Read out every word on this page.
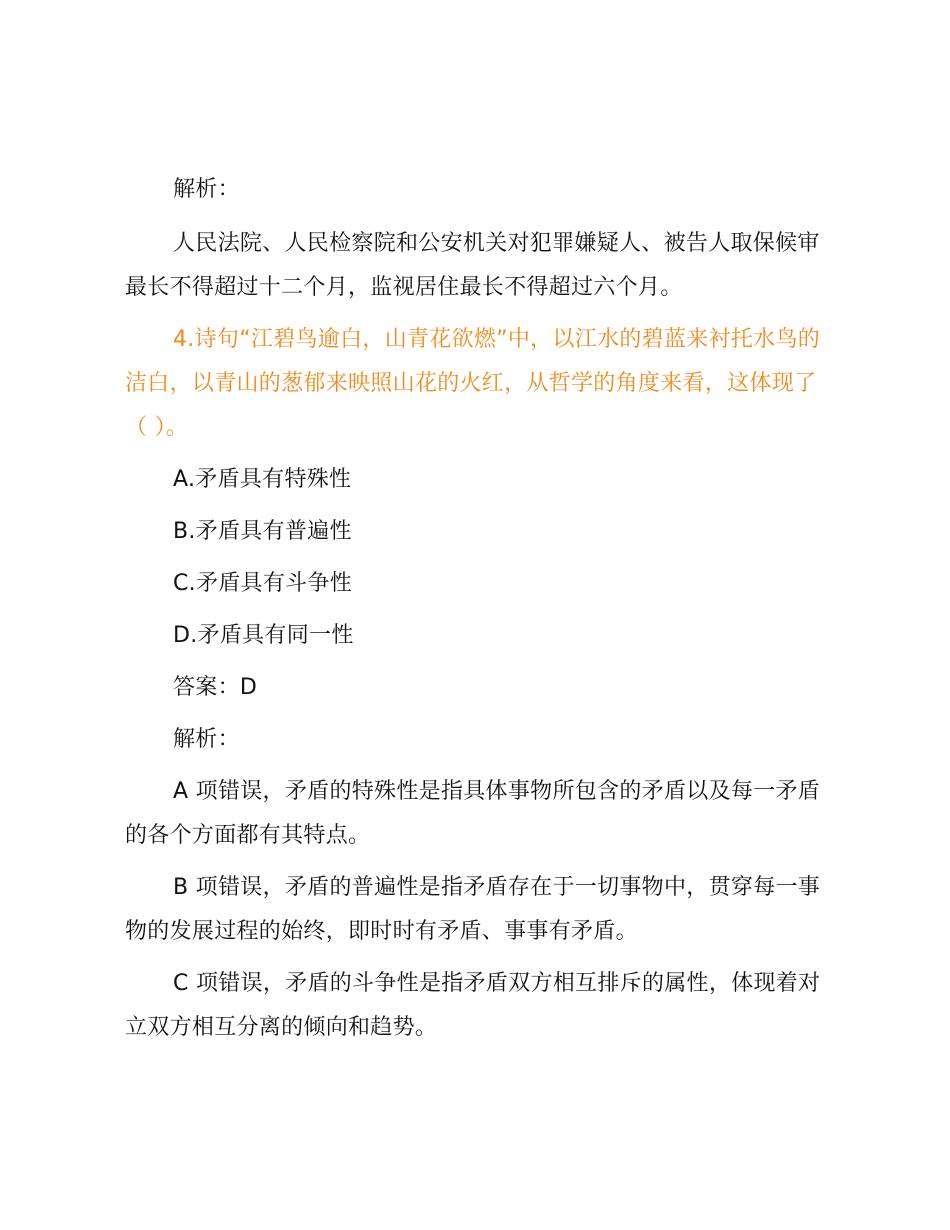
解析：

人民法院、人民检察院和公安机关对犯罪嫌疑人、被告人取保候审最长不得超过十二个月，监视居住最长不得超过六个月。

4.诗句“江碧鸟逾白，山青花欲燃”中，以江水的碧蓝来衬托水鸟的洁白，以青山的葱郁来映照山花的火红，从哲学的角度来看，这体现了（ ）。

A.矛盾具有特殊性

B.矛盾具有普遍性

C.矛盾具有斗争性

D.矛盾具有同一性

答案：D

解析：

A 项错误，矛盾的特殊性是指具体事物所包含的矛盾以及每一矛盾的各个方面都有其特点。

B 项错误，矛盾的普遍性是指矛盾存在于一切事物中，贯穿每一事物的发展过程的始终，即时时有矛盾、事事有矛盾。

C 项错误，矛盾的斗争性是指矛盾双方相互排斥的属性，体现着对立双方相互分离的倾向和趋势。
